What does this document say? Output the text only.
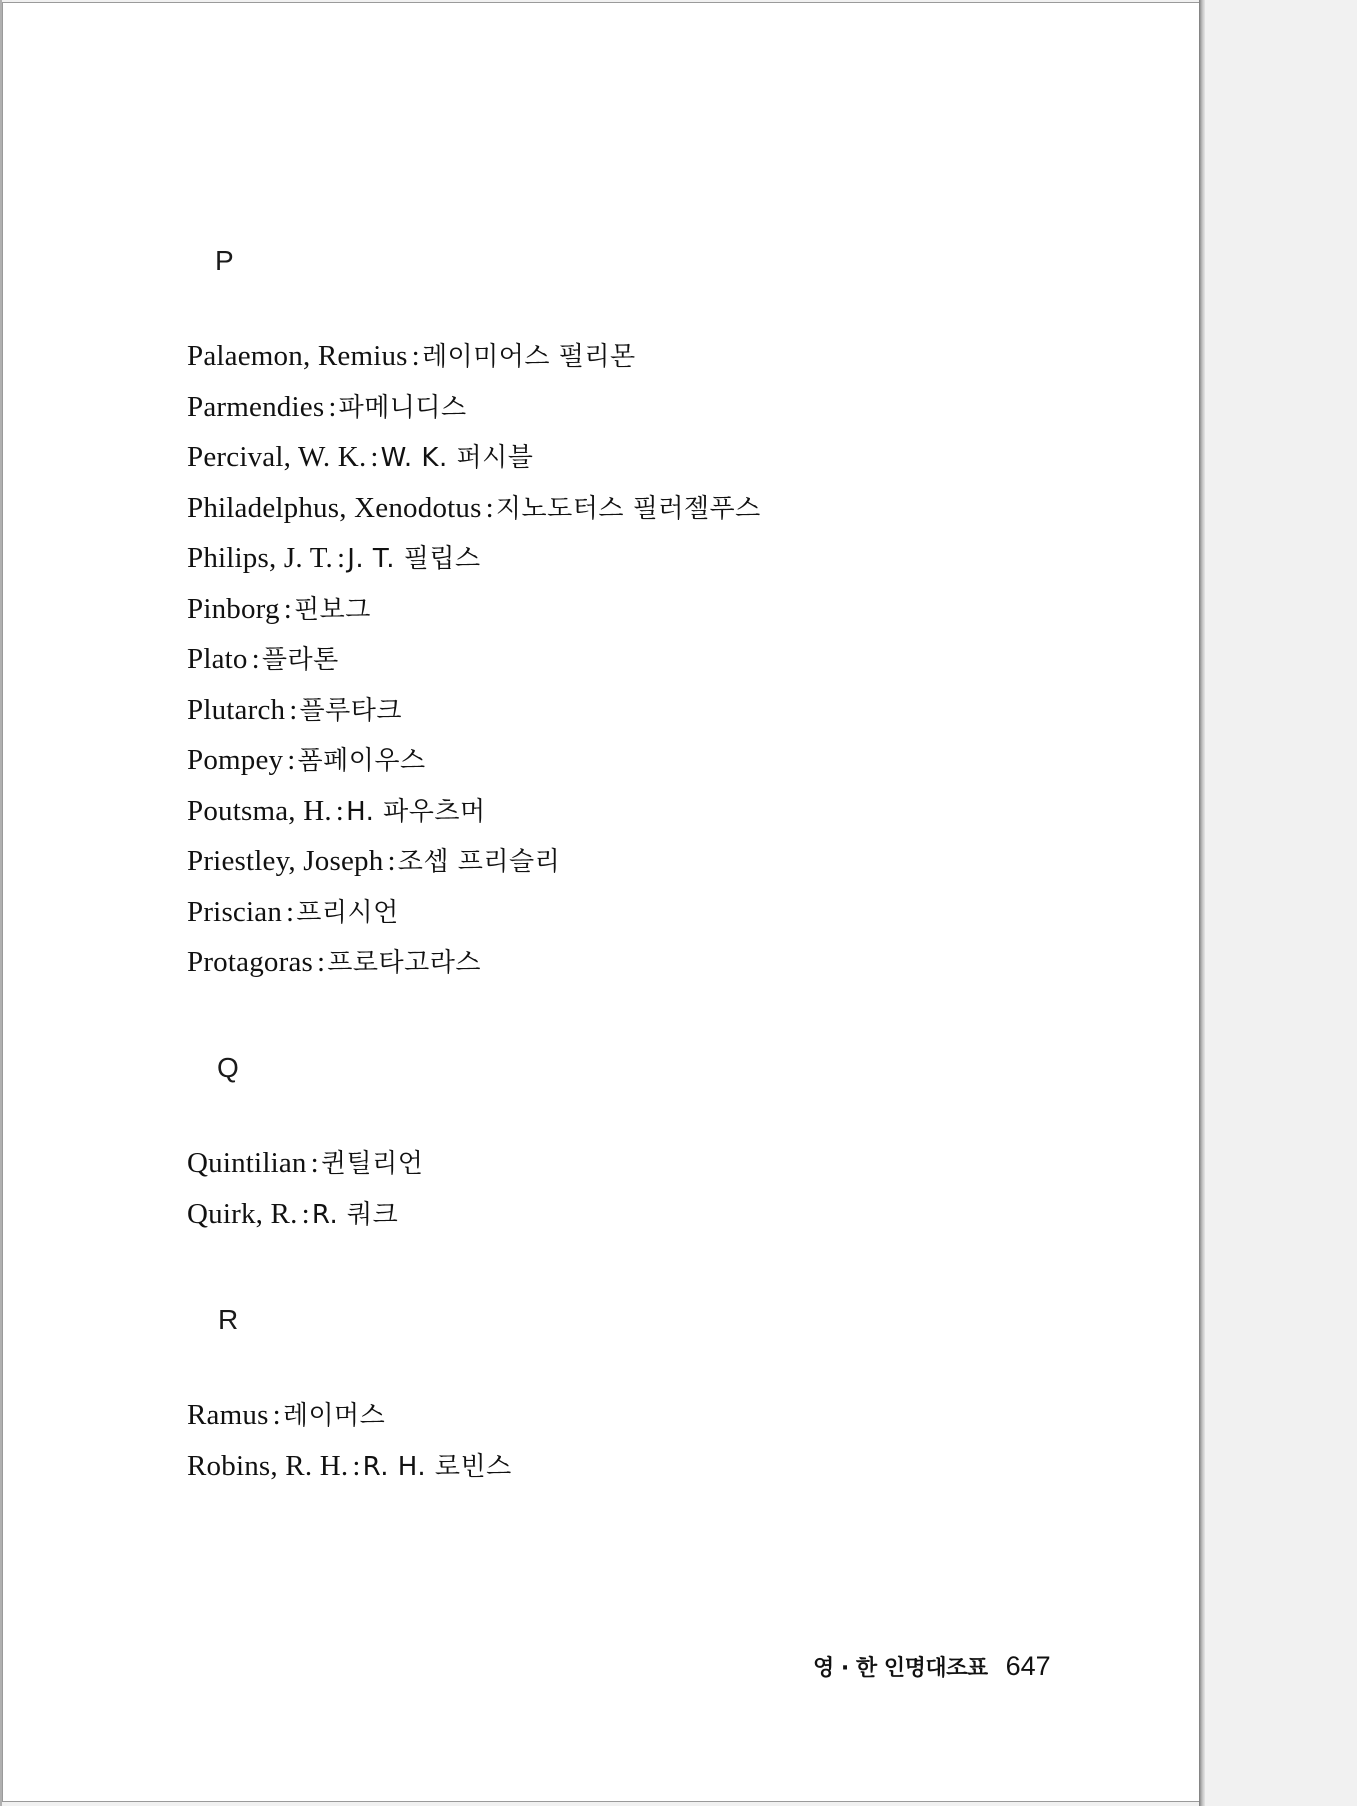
P
Palaemon, Remius :레이미어스 펄리몬
Parmendies :파메니디스
Percival, W. K. :W. K. 퍼시블
Philadelphus, Xenodotus :지노도터스 필러젤푸스
Philips, J. T. :J. T. 필립스
Pinborg :핀보그
Plato :플라톤
Plutarch :플루타크
Pompey :폼페이우스
Poutsma, H. :H. 파우츠머
Priestley, Joseph :조셉 프리슬리
Priscian :프리시언
Protagoras :프로타고라스
Q
Quintilian :퀸틸리언
Quirk, R. :R. 쿼크
R
Ramus :레이머스
Robins, R. H. :R. H. 로빈스
영 · 한 인명대조표 647
